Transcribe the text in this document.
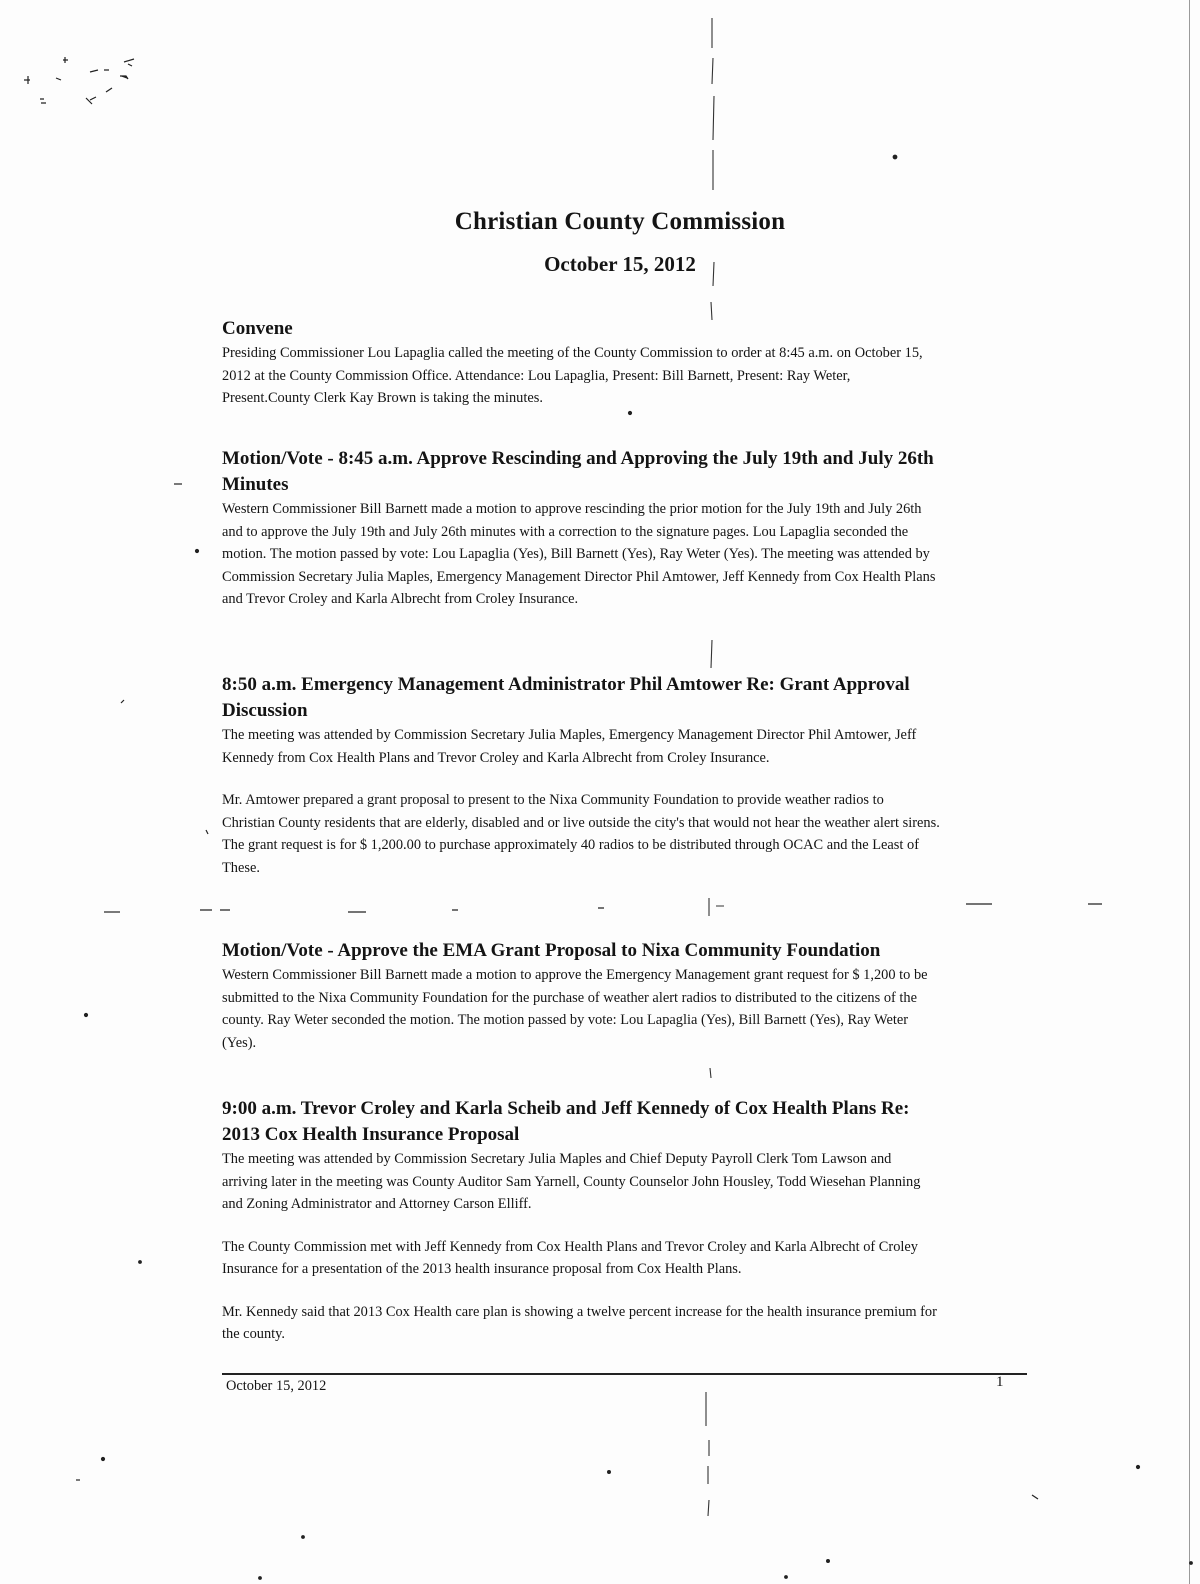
Christian County Commission
October 15, 2012

Convene

Presiding Commissioner Lou Lapaglia called the meeting of the County Commission to order at 8:45 a.m. on October 15, 2012 at the County Commission Office. Attendance: Lou Lapaglia, Present: Bill Barnett, Present: Ray Weter, Present.County Clerk Kay Brown is taking the minutes.

Motion/Vote - 8:45 a.m. Approve Rescinding and Approving the July 19th and July 26th Minutes

Western Commissioner Bill Barnett made a motion to approve rescinding the prior motion for the July 19th and July 26th and to approve the July 19th and July 26th minutes with a correction to the signature pages. Lou Lapaglia seconded the motion. The motion passed by vote: Lou Lapaglia (Yes), Bill Barnett (Yes), Ray Weter (Yes). The meeting was attended by Commission Secretary Julia Maples, Emergency Management Director Phil Amtower, Jeff Kennedy from Cox Health Plans and Trevor Croley and Karla Albrecht from Croley Insurance.

8:50 a.m. Emergency Management Administrator Phil Amtower Re: Grant Approval Discussion

The meeting was attended by Commission Secretary Julia Maples, Emergency Management Director Phil Amtower, Jeff Kennedy from Cox Health Plans and Trevor Croley and Karla Albrecht from Croley Insurance.

Mr. Amtower prepared a grant proposal to present to the Nixa Community Foundation to provide weather radios to Christian County residents that are elderly, disabled and or live outside the city's that would not hear the weather alert sirens. The grant request is for $ 1,200.00 to purchase approximately 40 radios to be distributed through OCAC and the Least of These.

Motion/Vote - Approve the EMA Grant Proposal to Nixa Community Foundation

Western Commissioner Bill Barnett made a motion to approve the Emergency Management grant request for $ 1,200 to be submitted to the Nixa Community Foundation for the purchase of weather alert radios to distributed to the citizens of the county. Ray Weter seconded the motion. The motion passed by vote: Lou Lapaglia (Yes), Bill Barnett (Yes), Ray Weter (Yes).

9:00 a.m. Trevor Croley and Karla Scheib and Jeff Kennedy of Cox Health Plans Re: 2013 Cox Health Insurance Proposal

The meeting was attended by Commission Secretary Julia Maples and Chief Deputy Payroll Clerk Tom Lawson and arriving later in the meeting was County Auditor Sam Yarnell, County Counselor John Housley, Todd Wiesehan Planning and Zoning Administrator and Attorney Carson Elliff.

The County Commission met with Jeff Kennedy from Cox Health Plans and Trevor Croley and Karla Albrecht of Croley Insurance for a presentation of the 2013 health insurance proposal from Cox Health Plans.

Mr. Kennedy said that 2013 Cox Health care plan is showing a twelve percent increase for the health insurance premium for the county.

October 15, 2012	1
